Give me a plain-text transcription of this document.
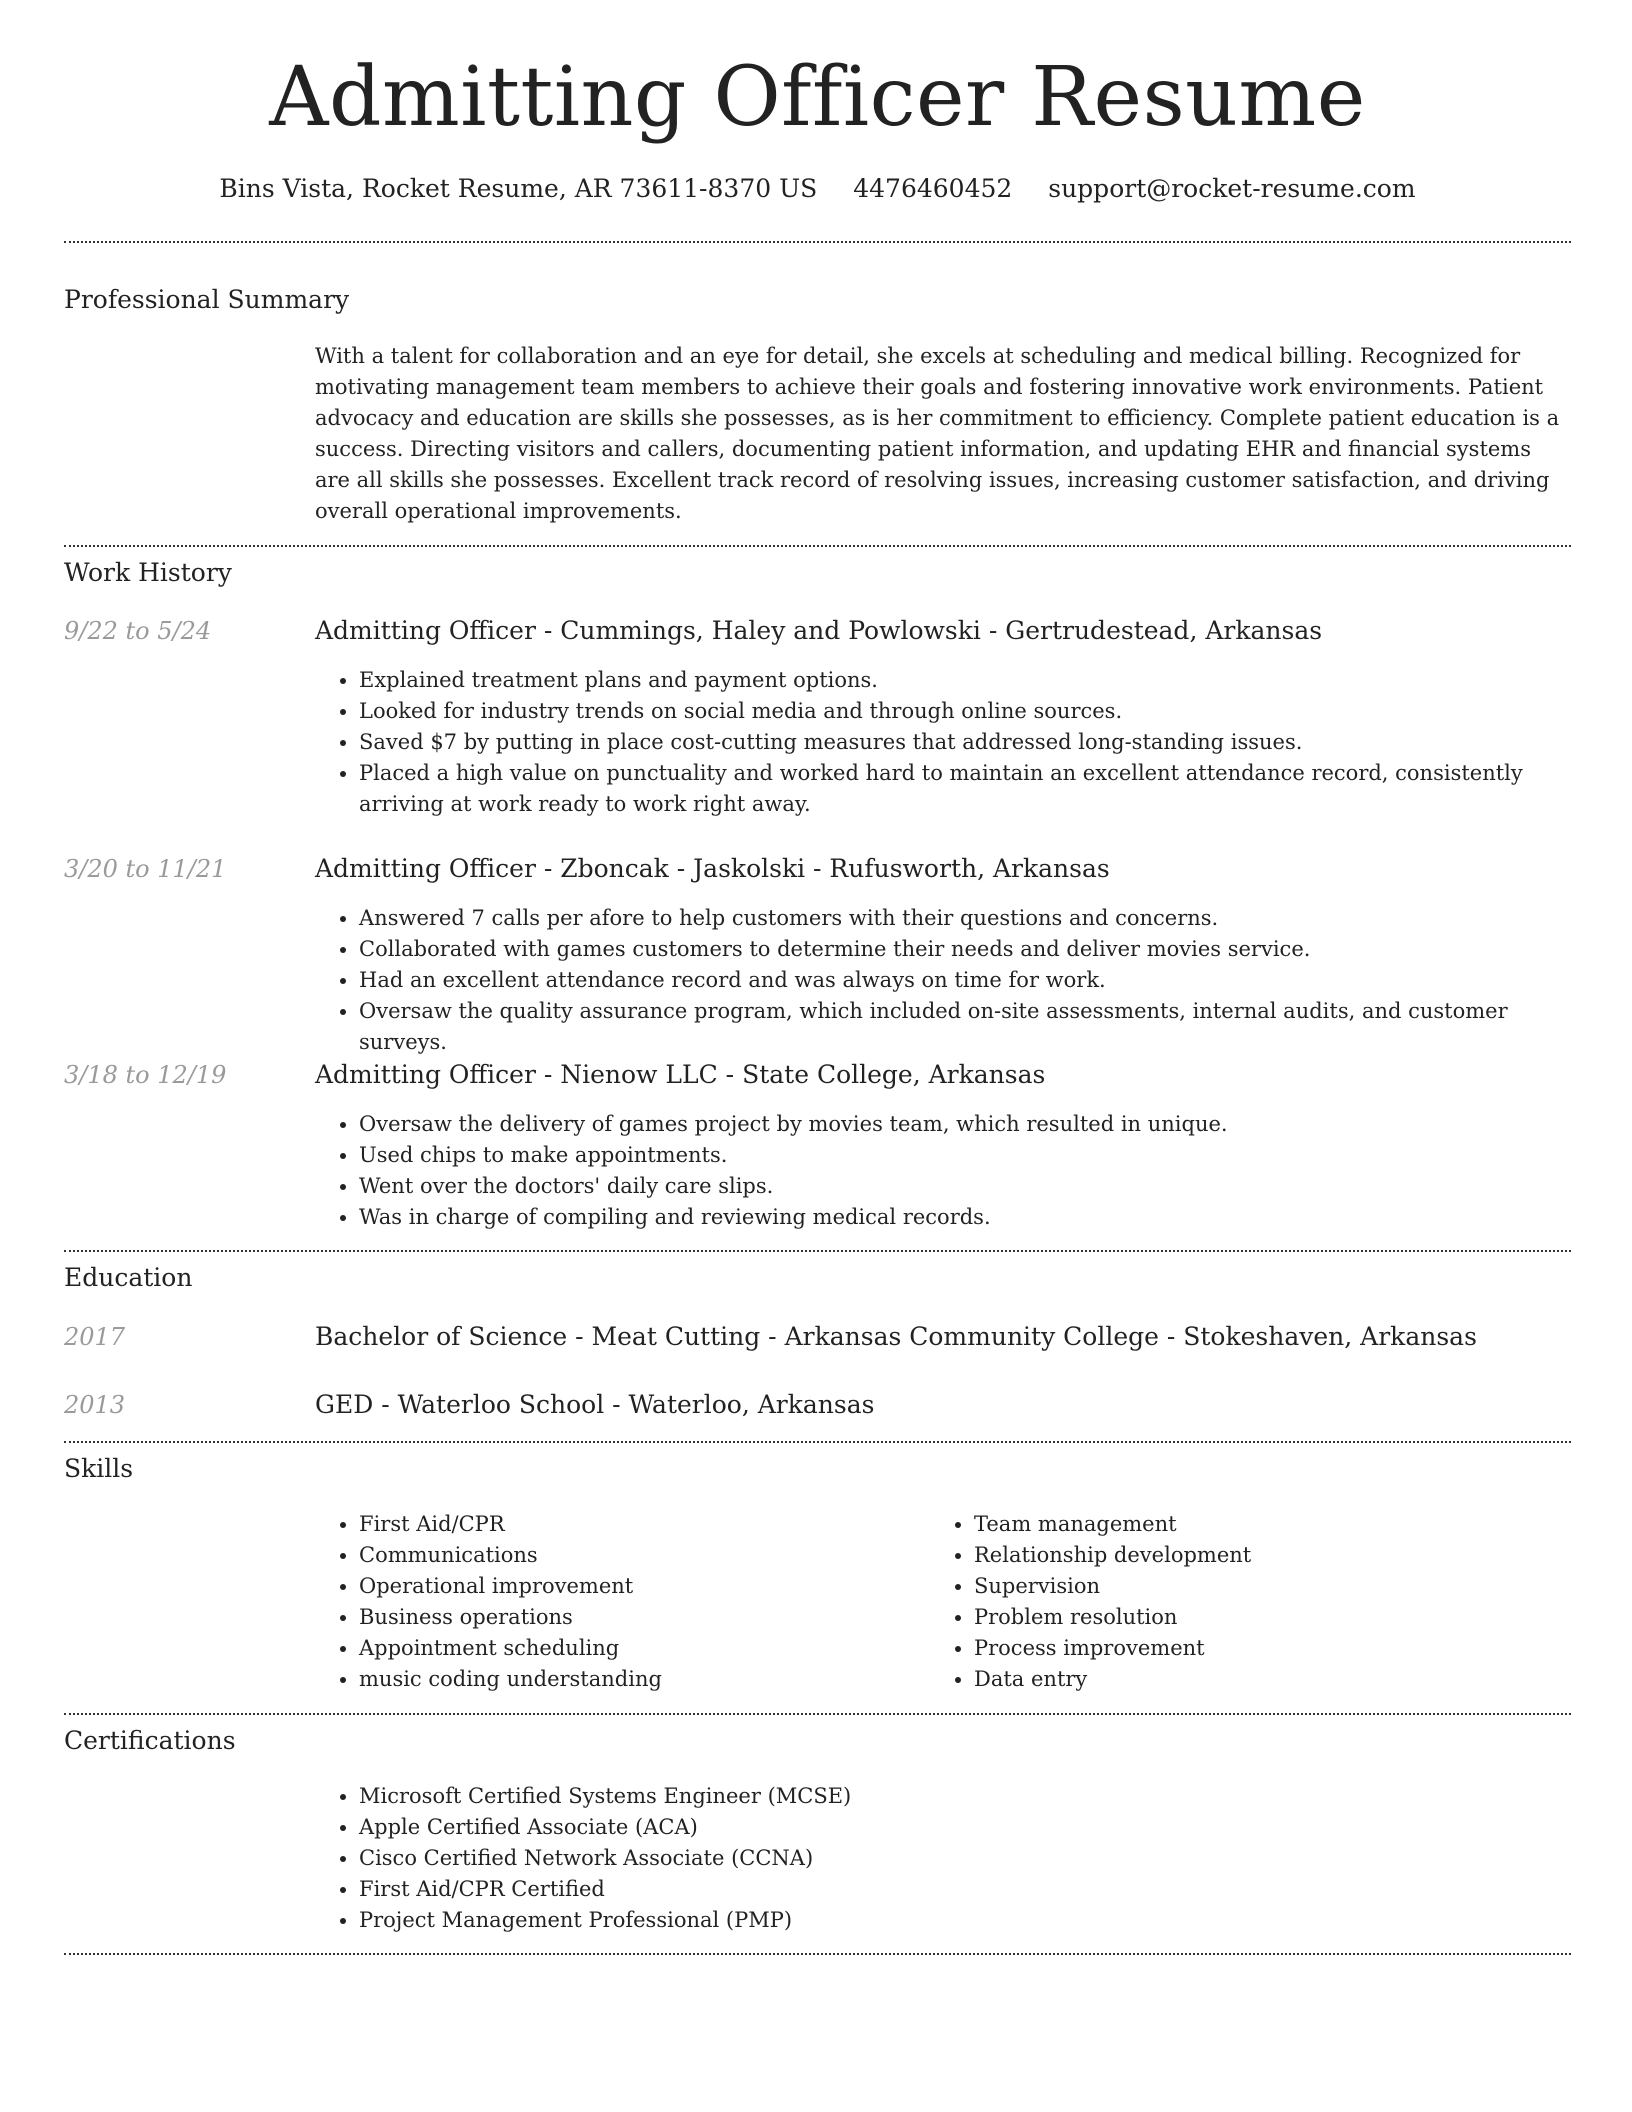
Admitting Officer Resume
Bins Vista, Rocket Resume, AR 73611-8370 US 4476460452 support@rocket-resume.com
Professional Summary

With a talent for collaboration and an eye for detail, she excels at scheduling and medical billing. Recognized for motivating management team members to achieve their goals and fostering innovative work environments. Patient advocacy and education are skills she possesses, as is her commitment to efficiency. Complete patient education is a success. Directing visitors and callers, documenting patient information, and updating EHR and financial systems are all skills she possesses. Excellent track record of resolving issues, increasing customer satisfaction, and driving overall operational improvements.

Work History
9/22 to 5/24	Admitting Officer - Cummings, Haley and Powlowski - Gertrudestead, Arkansas
• Explained treatment plans and payment options.
• Looked for industry trends on social media and through online sources.
• Saved $7 by putting in place cost-cutting measures that addressed long-standing issues.
• Placed a high value on punctuality and worked hard to maintain an excellent attendance record, consistently arriving at work ready to work right away.
3/20 to 11/21	Admitting Officer - Zboncak - Jaskolski - Rufusworth, Arkansas
• Answered 7 calls per afore to help customers with their questions and concerns.
• Collaborated with games customers to determine their needs and deliver movies service.
• Had an excellent attendance record and was always on time for work.
• Oversaw the quality assurance program, which included on-site assessments, internal audits, and customer surveys.
3/18 to 12/19	Admitting Officer - Nienow LLC - State College, Arkansas
• Oversaw the delivery of games project by movies team, which resulted in unique.
• Used chips to make appointments.
• Went over the doctors' daily care slips.
• Was in charge of compiling and reviewing medical records.
Education
2017	Bachelor of Science - Meat Cutting - Arkansas Community College - Stokeshaven, Arkansas
2013	GED - Waterloo School - Waterloo, Arkansas
Skills
• First Aid/CPR
• Communications
• Operational improvement
• Business operations
• Appointment scheduling
• music coding understanding
• Team management
• Relationship development
• Supervision
• Problem resolution
• Process improvement
• Data entry
Certifications
• Microsoft Certified Systems Engineer (MCSE)
• Apple Certified Associate (ACA)
• Cisco Certified Network Associate (CCNA)
• First Aid/CPR Certified
• Project Management Professional (PMP)
